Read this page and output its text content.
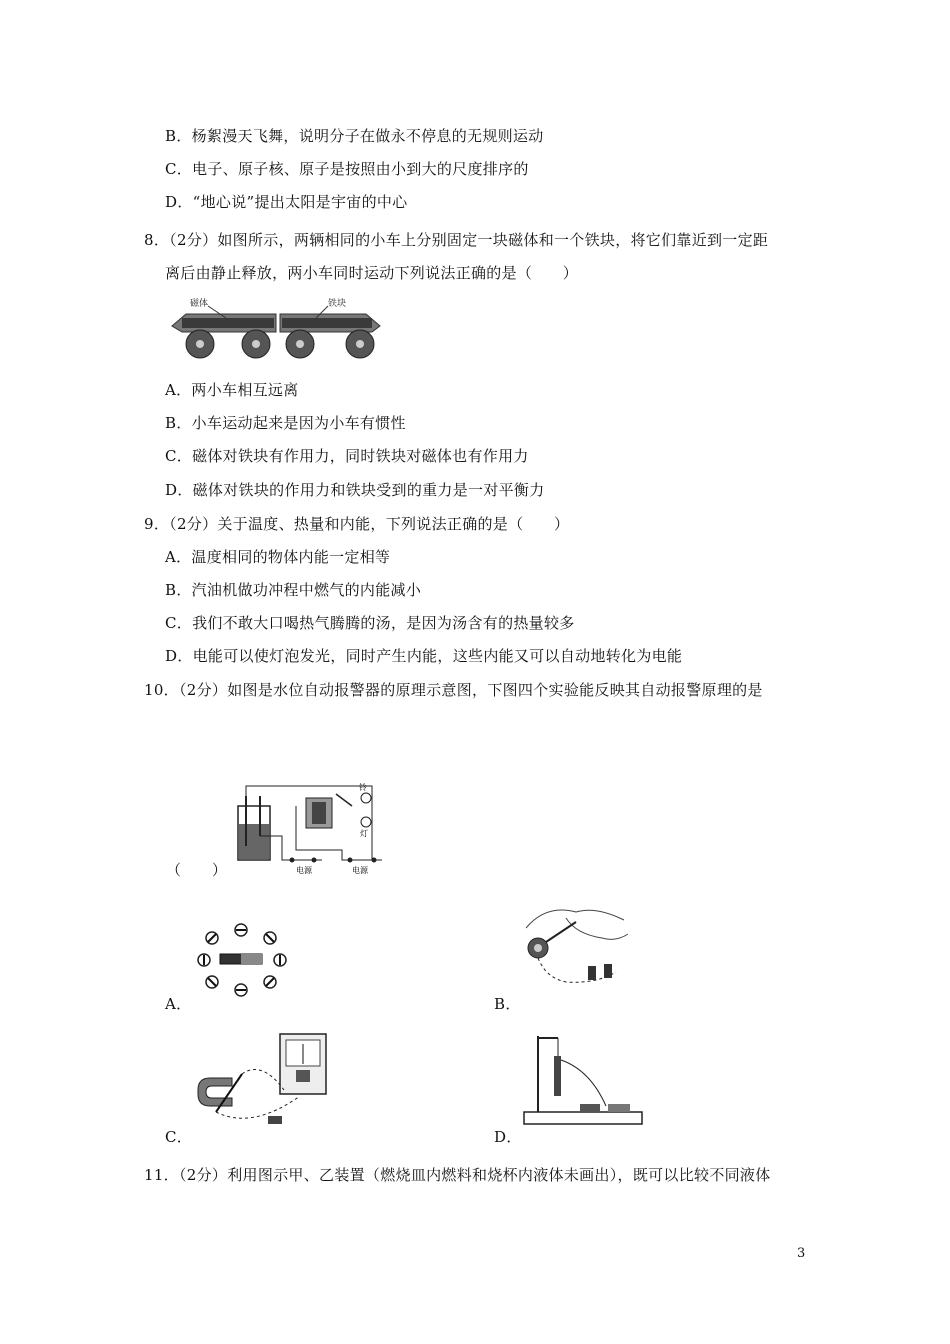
B．杨絮漫天飞舞，说明分子在做永不停息的无规则运动
C．电子、原子核、原子是按照由小到大的尺度排序的
D．“地心说”提出太阳是宇宙的中心
8．（2分）如图所示，两辆相同的小车上分别固定一块磁体和一个铁块，将它们靠近到一定距
离后由静止释放，两小车同时运动下列说法正确的是（　　）
磁体	铁块
A．两小车相互远离
B．小车运动起来是因为小车有惯性
C．磁体对铁块有作用力，同时铁块对磁体也有作用力
D．磁体对铁块的作用力和铁块受到的重力是一对平衡力
9．（2分）关于温度、热量和内能，下列说法正确的是（　　）
A．温度相同的物体内能一定相等
B．汽油机做功冲程中燃气的内能减小
C．我们不敢大口喝热气腾腾的汤，是因为汤含有的热量较多
D．电能可以使灯泡发光，同时产生内能，这些内能又可以自动地转化为电能
10．（2分）如图是水位自动报警器的原理示意图，下图四个实验能反映其自动报警原理的是
铃
灯
电源	电源
（　　）
A．	B．
C．	D．
11．（2分）利用图示甲、乙装置（燃烧皿内燃料和烧杯内液体未画出），既可以比较不同液体
3
